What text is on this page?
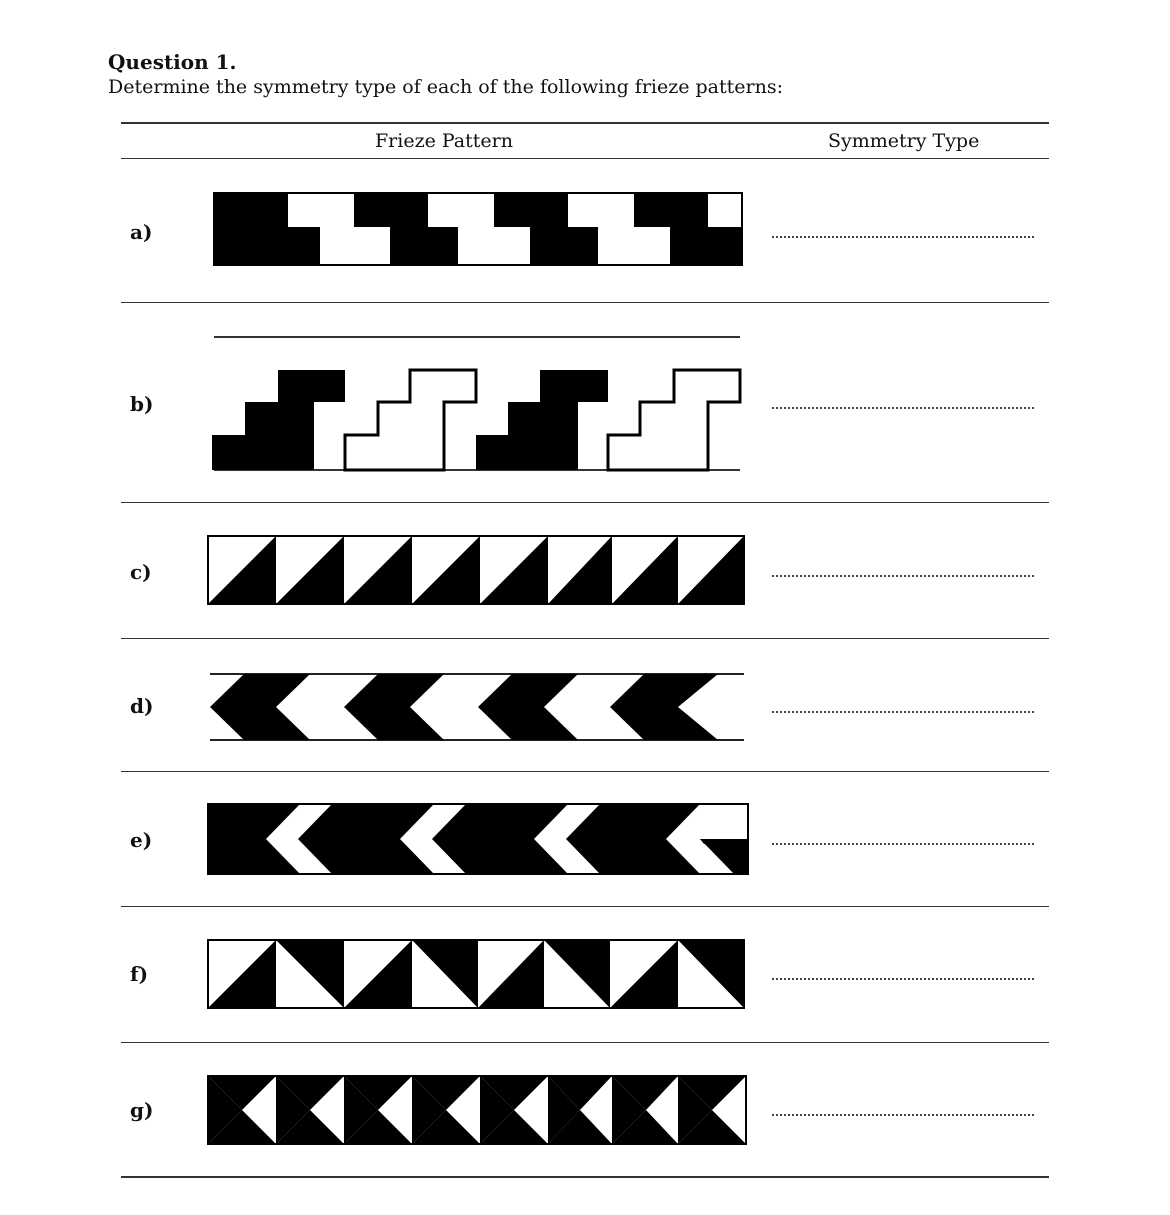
Question 1.

Determine the symmetry type of each of the following frieze patterns:

Frieze Pattern	Symmetry Type
a)
b)
c)
d)
e)
f)
g)
